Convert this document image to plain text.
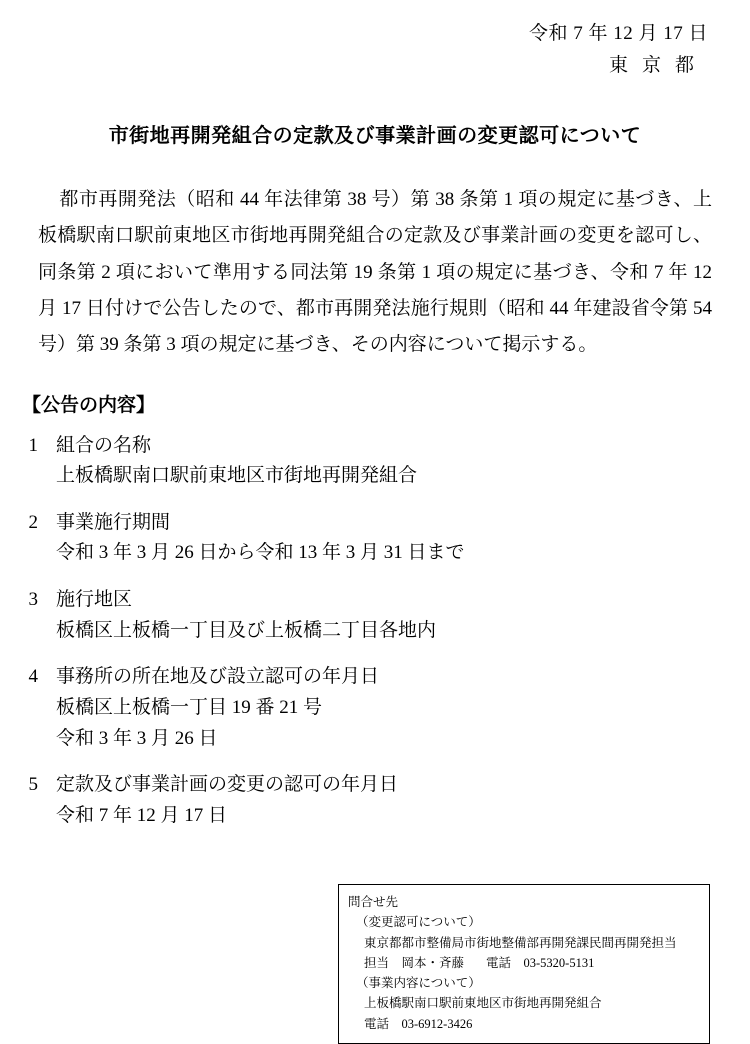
令和 7 年 12 月 17 日
東京都
市街地再開発組合の定款及び事業計画の変更認可について
都市再開発法（昭和 44 年法律第 38 号）第 38 条第 1 項の規定に基づき、上板橋駅南口駅前東地区市街地再開発組合の定款及び事業計画の変更を認可し、同条第 2 項において準用する同法第 19 条第 1 項の規定に基づき、令和 7 年 12 月 17 日付けで公告したので、都市再開発法施行規則（昭和 44 年建設省令第 54 号）第 39 条第 3 項の規定に基づき、その内容について掲示する。
【公告の内容】
1 組合の名称
上板橋駅南口駅前東地区市街地再開発組合
2 事業施行期間
令和 3 年 3 月 26 日から令和 13 年 3 月 31 日まで
3 施行地区
板橋区上板橋一丁目及び上板橋二丁目各地内
4 事務所の所在地及び設立認可の年月日
板橋区上板橋一丁目 19 番 21 号
令和 3 年 3 月 26 日
5 定款及び事業計画の変更の認可の年月日
令和 7 年 12 月 17 日
問合せ先
（変更認可について）
東京都都市整備局市街地整備部再開発課民間再開発担当
担当　岡本・斉藤 電話　03-5320-5131
（事業内容について）
上板橋駅南口駅前東地区市街地再開発組合
電話　03-6912-3426
